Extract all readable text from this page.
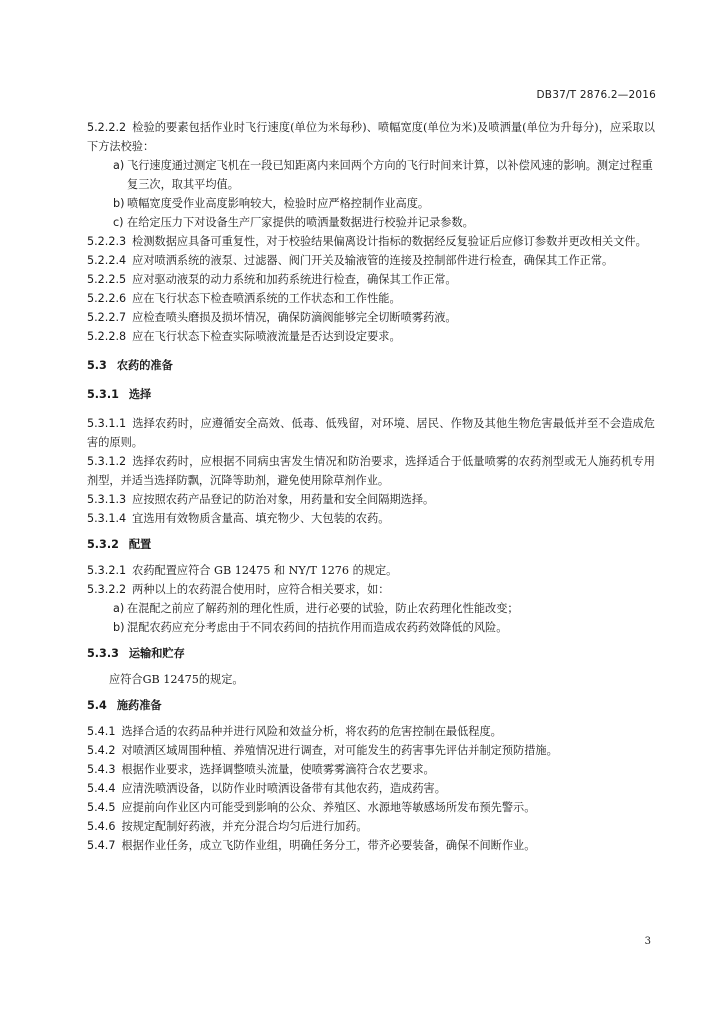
DB37/T 2876.2—2016

5.2.2.2 检验的要素包括作业时飞行速度(单位为米每秒)、喷幅宽度(单位为米)及喷洒量(单位为升每分)，应采取以下方法校验：

a) 飞行速度通过测定飞机在一段已知距离内来回两个方向的飞行时间来计算，以补偿风速的影响。测定过程重复三次，取其平均值。

b) 喷幅宽度受作业高度影响较大，检验时应严格控制作业高度。

c) 在给定压力下对设备生产厂家提供的喷洒量数据进行校验并记录参数。

5.2.2.3 检测数据应具备可重复性，对于校验结果偏离设计指标的数据经反复验证后应修订参数并更改相关文件。

5.2.2.4 应对喷洒系统的液泵、过滤器、阀门开关及输液管的连接及控制部件进行检查，确保其工作正常。

5.2.2.5 应对驱动液泵的动力系统和加药系统进行检查，确保其工作正常。

5.2.2.6 应在飞行状态下检查喷洒系统的工作状态和工作性能。

5.2.2.7 应检查喷头磨损及损坏情况，确保防滴阀能够完全切断喷雾药液。

5.2.2.8 应在飞行状态下检查实际喷液流量是否达到设定要求。

5.3 农药的准备

5.3.1 选择

5.3.1.1 选择农药时，应遵循安全高效、低毒、低残留，对环境、居民、作物及其他生物危害最低并至不会造成危害的原则。

5.3.1.2 选择农药时，应根据不同病虫害发生情况和防治要求，选择适合于低量喷雾的农药剂型或无人施药机专用剂型，并适当选择防飘，沉降等助剂，避免使用除草剂作业。

5.3.1.3 应按照农药产品登记的防治对象，用药量和安全间隔期选择。

5.3.1.4 宜选用有效物质含量高、填充物少、大包装的农药。

5.3.2 配置

5.3.2.1 农药配置应符合 GB 12475 和 NY/T 1276 的规定。

5.3.2.2 两种以上的农药混合使用时，应符合相关要求，如：

a) 在混配之前应了解药剂的理化性质，进行必要的试验，防止农药理化性能改变；

b) 混配农药应充分考虑由于不同农药间的拮抗作用而造成农药药效降低的风险。

5.3.3 运输和贮存

应符合GB 12475的规定。

5.4 施药准备

5.4.1 选择合适的农药品种并进行风险和效益分析，将农药的危害控制在最低程度。

5.4.2 对喷洒区域周围种植、养殖情况进行调查，对可能发生的药害事先评估并制定预防措施。

5.4.3 根据作业要求，选择调整喷头流量，使喷雾雾滴符合农艺要求。

5.4.4 应清洗喷洒设备，以防作业时喷洒设备带有其他农药，造成药害。

5.4.5 应提前向作业区内可能受到影响的公众、养殖区、水源地等敏感场所发布预先警示。

5.4.6 按规定配制好药液，并充分混合均匀后进行加药。

5.4.7 根据作业任务，成立飞防作业组，明确任务分工，带齐必要装备，确保不间断作业。

3
